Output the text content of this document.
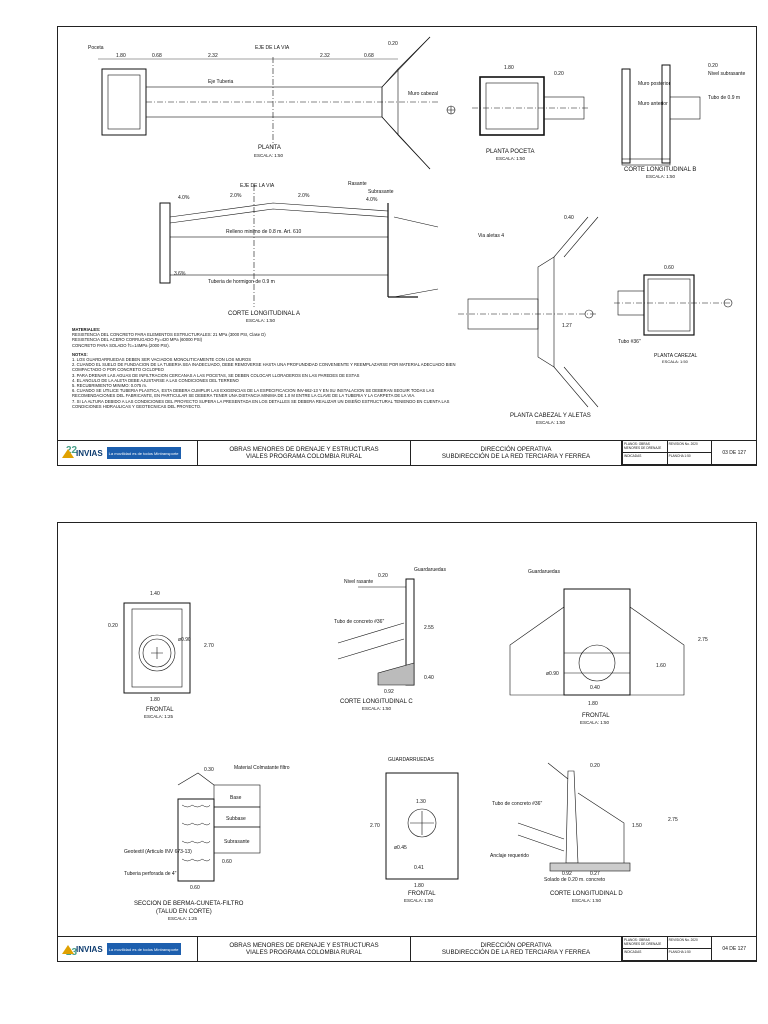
EJE DE LA VIA
Eje Tuberia
Poceta
Muro cabezal
1.80	0.68	2.32	2.32	0.68
0.20
PLANTA
ESCALA: 1:50
1.80
0.20
PLANTA POCETA
ESCALA: 1:50
Nivel subrasante
Muro posterior
Muro anterior
Tubo de 0.9 m
0.20
CORTE LONGITUDINAL B
ESCALA: 1:50
EJE DE LA VIA	Rasante
Subrasante
4.0%	2.0%	2.0%
4.0%
3.6%
Relleno minimo de 0.8 m. Art. 610
Tuberia de hormigon de 0.9 m
CORTE LONGITUDINAL A
ESCALA: 1:50
Via aletas 4
0.40
1.27
PLANTA CABEZAL Y ALETAS
ESCALA: 1:50
0.60
Tubo #36"
PLANTA CAREZAL
ESCALA: 1:50
MATERIALES:
RESISTENCIA DEL CONCRETO PARA ELEMENTOS ESTRUCTURALES: 21 MPa (3000 PSI, Clase D)
RESISTENCIA DEL ACERO CORRUGADO Fy=420 MPa (60000 PSI)
CONCRETO PARA SOLADO f'c=14MPa (2000 PSI).
NOTAS:
1. LOS GUARDARRUEDAS DEBEN SER VACIADOS MONOLITICAMENTE CON LOS MUROS
2. CUANDO EL SUELO DE FUNDACION DE LA TUBERIA SEA INADECUADO, DEBE REMOVERSE HASTA UNA PROFUNDIDAD CONVENIENTE Y REEMPLAZARSE POR MATERIAL ADECUADO BIEN COMPACTADO O POR CONCRETO CICLOPEO
3. PARA DRENAR LAS AGUAS DE INFILTRACION CERCANAS A LAS POCETAS, SE DEBEN COLOCAR LLORADEROS EN LAS PAREDES DE ESTAS
4. EL ANGULO DE LA ALETA DEBE AJUSTARSE A LAS CONDICIONES DEL TERRENO
5. RECUBRIMIENTO MINIMO: 0.075 m.
6. CUANDO SE UTILICE TUBERIA PLASTICA, ESTA DEBERA CUMPLIR LAS EXIGENCIAS DE LA ESPECIFICACION INV-662-13 Y EN SU INSTALACION SE DEBERAN SEGUIR TODAS LAS RECOMENDACIONES DEL FABRICANTE, EN PARTICULAR SE DEBERA TENER UNA DISTANCIA MINIMA DE 1.0 M ENTRE LA CLAVE DE LA TUBERIA Y LA CARPETA DE LA VIA.
7. SI LA ALTURA DEBIDO A LAS CONDICIONES DEL PROYECTO SUPERA LA PRESENTADA EN LOS DETALLES SE DEBERA REALIZAR UN DISEÑO ESTRUCTURAL TENIENDO EN CUENTA LAS CONDICIONES HIDRAULICAS Y GEOTECNICAS DEL PROYECTO.
22
INVIAS La movilidad es de todos
Mintransporte	OBRAS MENORES DE DRENAJE Y ESTRUCTURAS
VIALES PROGRAMA COLOMBIA RURAL
DIRECCIÓN OPERATIVA
SUBDIRECCIÓN DE LA RED TERCIARIA Y FERREA
PLANOS: OBRAS MENORES DE DRENAJE
REVISION No. 2020
03 DE 127
INDICADAS	PLANCHA 1:50
1.40
0.20
ø0.90
2.70
1.80
FRONTAL
ESCALA: 1:25
Guardaruedas
Nivel rasante
Tubo de concreto #36"
0.20
2.55
0.40
0.92
CORTE LONGITUDINAL C
ESCALA: 1:50
Guardaruedas
2.75
1.60
ø0.90
0.40
1.80
FRONTAL
ESCALA: 1:50
Material Colmatante filtro
Base
Subbase
Subrasante
Geotextil (Articulo INV 673-13)
Tuberia perforada de 4"
0.30
0.60
0.60
SECCION DE BERMA-CUNETA-FILTRO
(TALUD EN CORTE)
ESCALA: 1:25
GUARDARRUEDAS
1.30
2.70
ø0.45
0.41
1.80
FRONTAL
ESCALA: 1:50
Tubo de concreto #36"
Anclaje requerido
Solado de 0.20 m. concreto
0.20
1.50
2.75
0.92	0.27
CORTE LONGITUDINAL D
ESCALA: 1:50
23
INVIAS La movilidad es de todos
Mintransporte	OBRAS MENORES DE DRENAJE Y ESTRUCTURAS
VIALES PROGRAMA COLOMBIA RURAL
DIRECCIÓN OPERATIVA
SUBDIRECCIÓN DE LA RED TERCIARIA Y FERREA
PLANOS: OBRAS MENORES DE DRENAJE
REVISION No. 2020
04 DE 127
INDICADAS	PLANCHA 1:50
